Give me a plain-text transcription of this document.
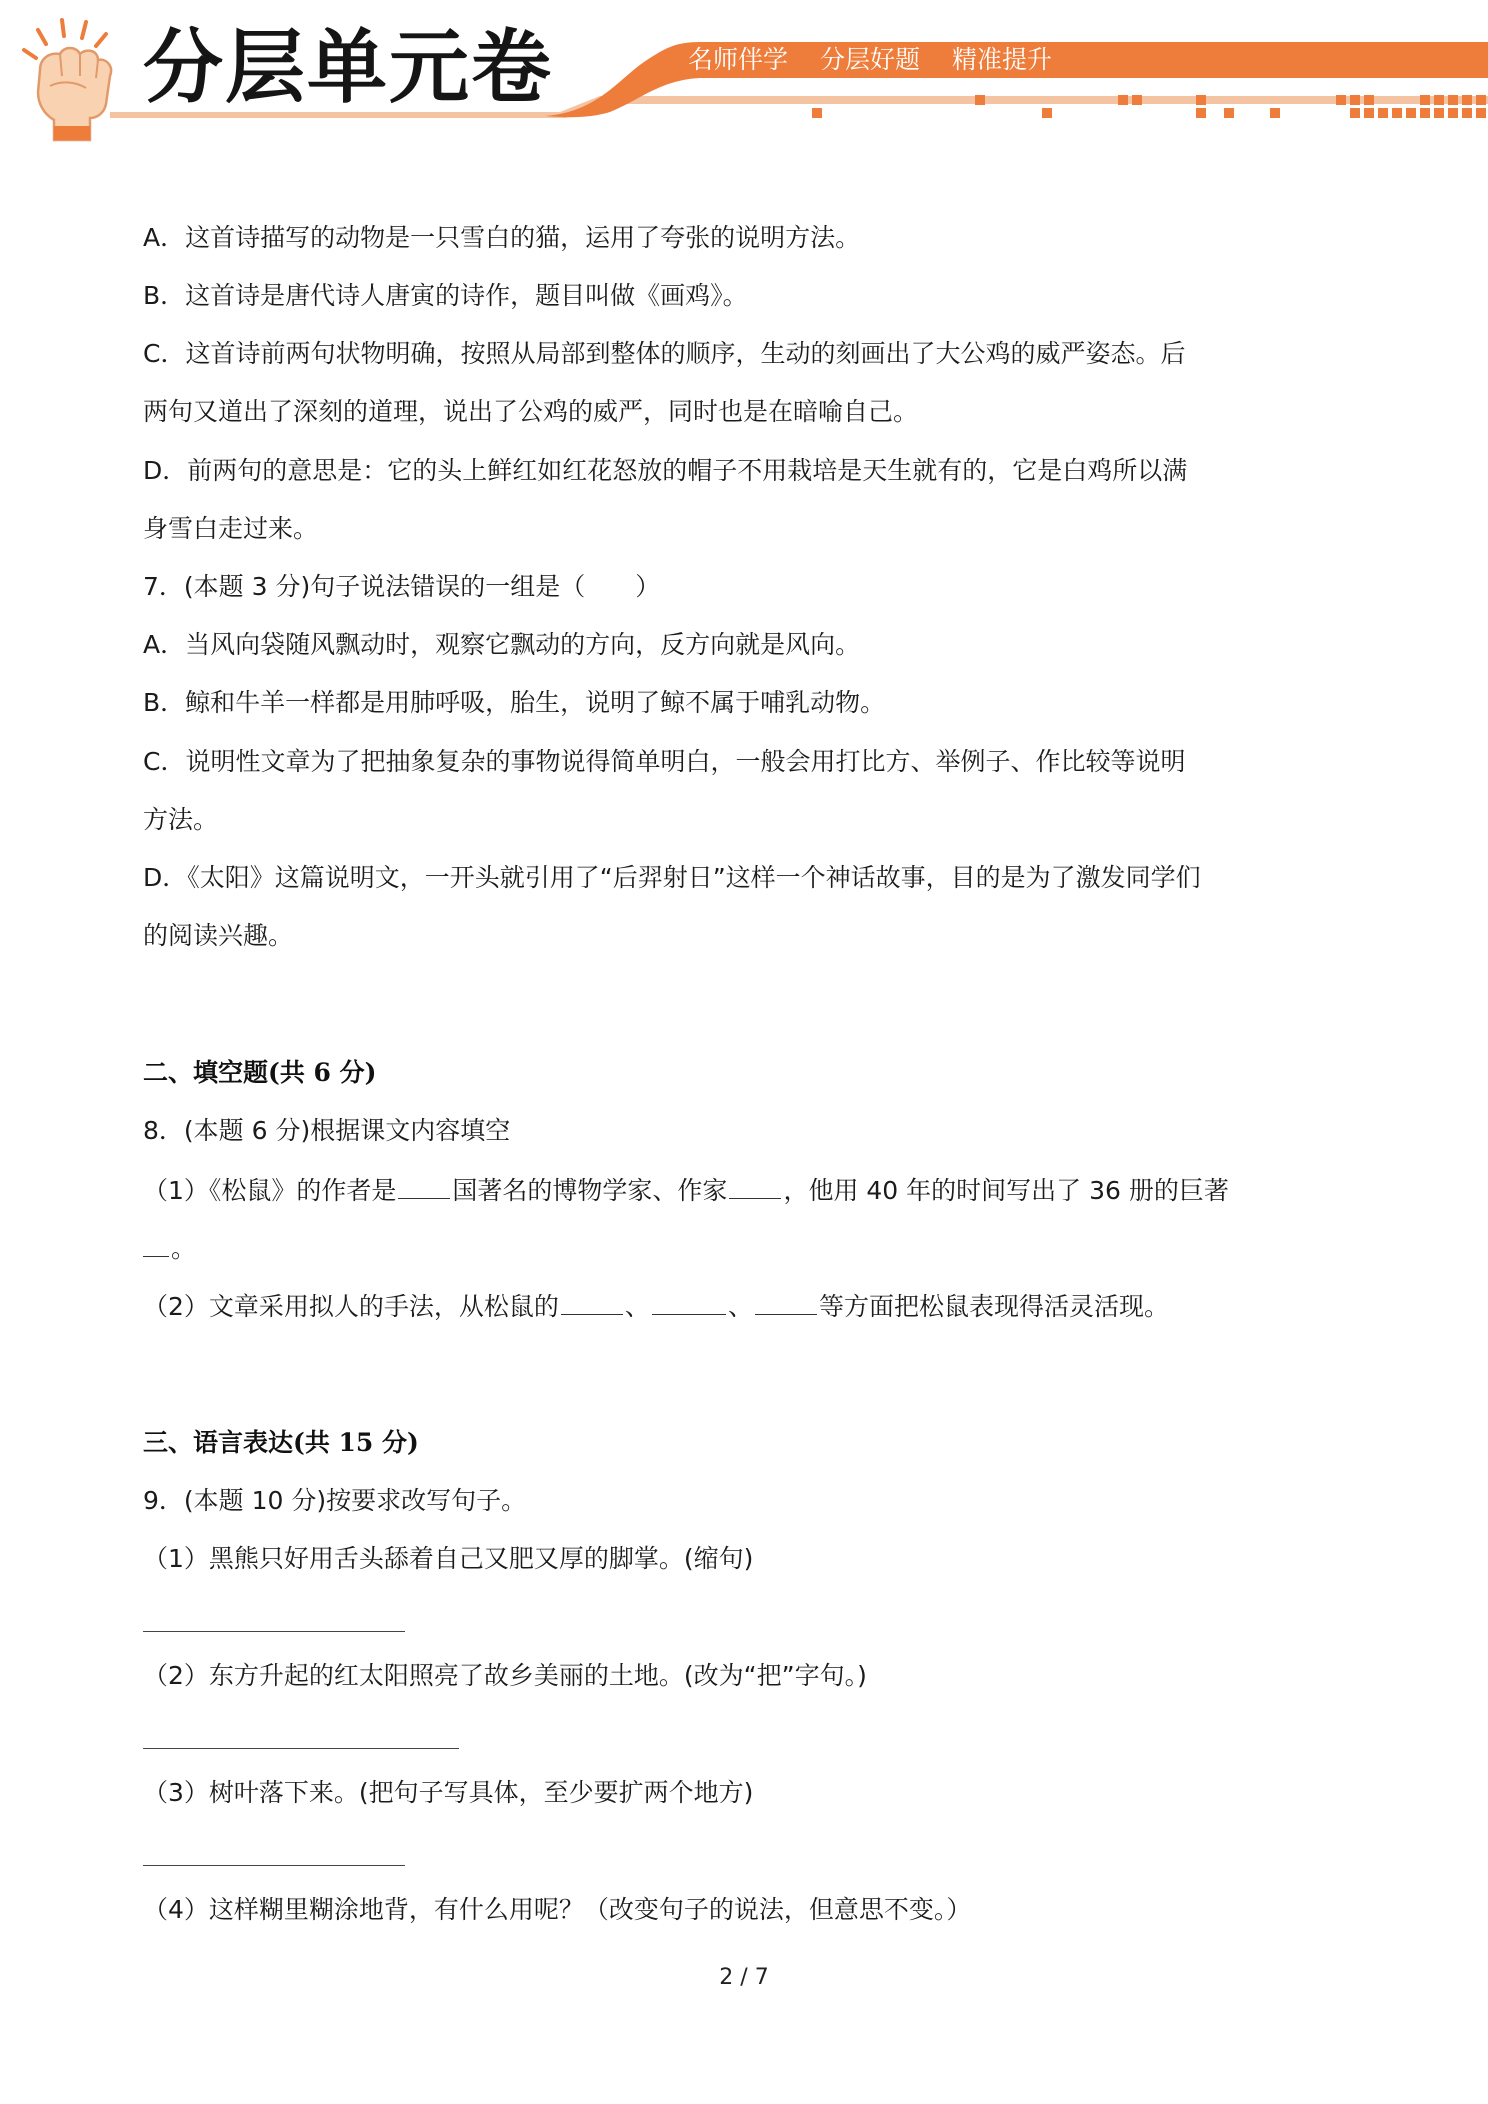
分层单元卷	名师伴学 分层好题 精准提升
A．这首诗描写的动物是一只雪白的猫，运用了夸张的说明方法。
B．这首诗是唐代诗人唐寅的诗作，题目叫做《画鸡》。
C．这首诗前两句状物明确，按照从局部到整体的顺序，生动的刻画出了大公鸡的威严姿态。后
两句又道出了深刻的道理，说出了公鸡的威严，同时也是在暗喻自己。
D．前两句的意思是：它的头上鲜红如红花怒放的帽子不用栽培是天生就有的，它是白鸡所以满
身雪白走过来。
7．(本题 3 分)句子说法错误的一组是（　　）
A．当风向袋随风飘动时，观察它飘动的方向，反方向就是风向。
B．鲸和牛羊一样都是用肺呼吸，胎生，说明了鲸不属于哺乳动物。
C．说明性文章为了把抽象复杂的事物说得简单明白，一般会用打比方、举例子、作比较等说明
方法。
D．《太阳》这篇说明文，一开头就引用了“后羿射日”这样一个神话故事，目的是为了激发同学们
的阅读兴趣。
二、填空题(共 6 分)
8．(本题 6 分)根据课文内容填空
（1）《松鼠》的作者是 国著名的博物学家、作家 ，他用 40 年的时间写出了 36 册的巨著
。
（2）文章采用拟人的手法，从松鼠的	、	、	等方面把松鼠表现得活灵活现。
三、语言表达(共 15 分)
9．(本题 10 分)按要求改写句子。
（1）黑熊只好用舌头舔着自己又肥又厚的脚掌。(缩句)
（2）东方升起的红太阳照亮了故乡美丽的土地。(改为“把”字句。)
（3）树叶落下来。(把句子写具体，至少要扩两个地方)
（4）这样糊里糊涂地背，有什么用呢？（改变句子的说法，但意思不变。）
2 / 7
